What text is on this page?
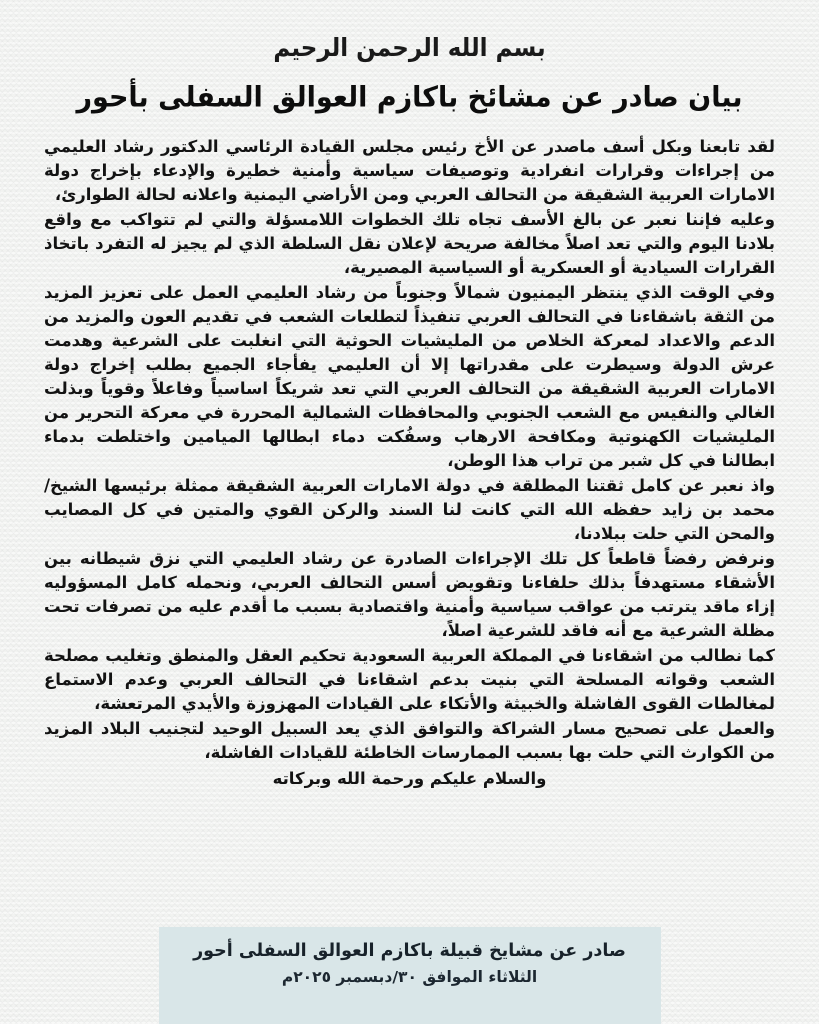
بسم الله الرحمن الرحيم
بيان صادر عن مشائخ باكازم العوالق السفلى بأحور

لقد تابعنا وبكل أسف ماصدر عن الأخ رئيس مجلس القيادة الرئاسي الدكتور رشاد العليمي من إجراءات وقرارات انفرادية وتوصيفات سياسية وأمنية خطيرة والإدعاء بإخراج دولة الامارات العربية الشقيقة من التحالف العربي ومن الأراضي اليمنية واعلانه لحالة الطوارئ،

وعليه فإننا نعبر عن بالغ الأسف تجاه تلك الخطوات اللامسؤلة والتي لم تتواكب مع واقع بلادنا اليوم والتي تعد اصلاً مخالفة صريحة لإعلان نقل السلطة الذي لم يجيز له التفرد باتخاذ القرارات السيادية أو العسكرية أو السياسية المصيرية،

وفي الوقت الذي ينتظر اليمنيون شمالاً وجنوباً من رشاد العليمي العمل على تعزيز المزيد من الثقة باشقاءنا في التحالف العربي تنفيذاً لتطلعات الشعب في تقديم العون والمزيد من الدعم والاعداد لمعركة الخلاص من المليشيات الحوثية التي انغلبت على الشرعية وهدمت عرش الدولة وسيطرت على مقدراتها إلا أن العليمي يفأجاء الجميع بطلب إخراج دولة الامارات العربية الشقيقة من التحالف العربي التي تعد شريكاً اساسياً وفاعلاً وقوياً وبذلت الغالي والنفيس مع الشعب الجنوبي والمحافظات الشمالية المحررة في معركة التحرير من المليشيات الكهنوتية ومكافحة الارهاب وسفُكت دماء ابطالها الميامين واختلطت بدماء ابطالنا في كل شبر من تراب هذا الوطن،

واذ نعبر عن كامل ثقتنا المطلقة في دولة الامارات العربية الشقيقة ممثلة برئيسها الشيخ/محمد بن زايد حفظه الله التي كانت لنا السند والركن القوي والمتين في كل المصايب والمحن التي حلت ببلادنا،

ونرفض رفضاً قاطعاً كل تلك الإجراءات الصادرة عن رشاد العليمي التي نزق شيطانه بين الأشقاء مستهدفاً بذلك حلفاءنا وتقويض أسس التحالف العربي، ونحمله كامل المسؤوليه إزاء ماقد يترتب من عواقب سياسية وأمنية واقتصادية بسبب ما أقدم عليه من تصرفات تحت مظلة الشرعية مع أنه فاقد للشرعية اصلاً،

كما نطالب من اشقاءنا في المملكة العربية السعودية تحكيم العقل والمنطق وتغليب مصلحة الشعب وقواته المسلحة التي بنيت بدعم اشقاءنا في التحالف العربي وعدم الاستماع لمغالطات القوى الفاشلة والخبيثة والأتكاء على القيادات المهزوزة والأيدي المرتعشة،

والعمل على تصحيح مسار الشراكة والتوافق الذي يعد السبيل الوحيد لتجنيب البلاد المزيد من الكوارث التي حلت بها بسبب الممارسات الخاطئة للقيادات الفاشلة،

والسلام عليكم ورحمة الله وبركاته

صادر عن مشايخ قبيلة باكازم العوالق السفلى أحور

الثلاثاء الموافق ٣٠/دبسمبر ٢٠٢٥م
